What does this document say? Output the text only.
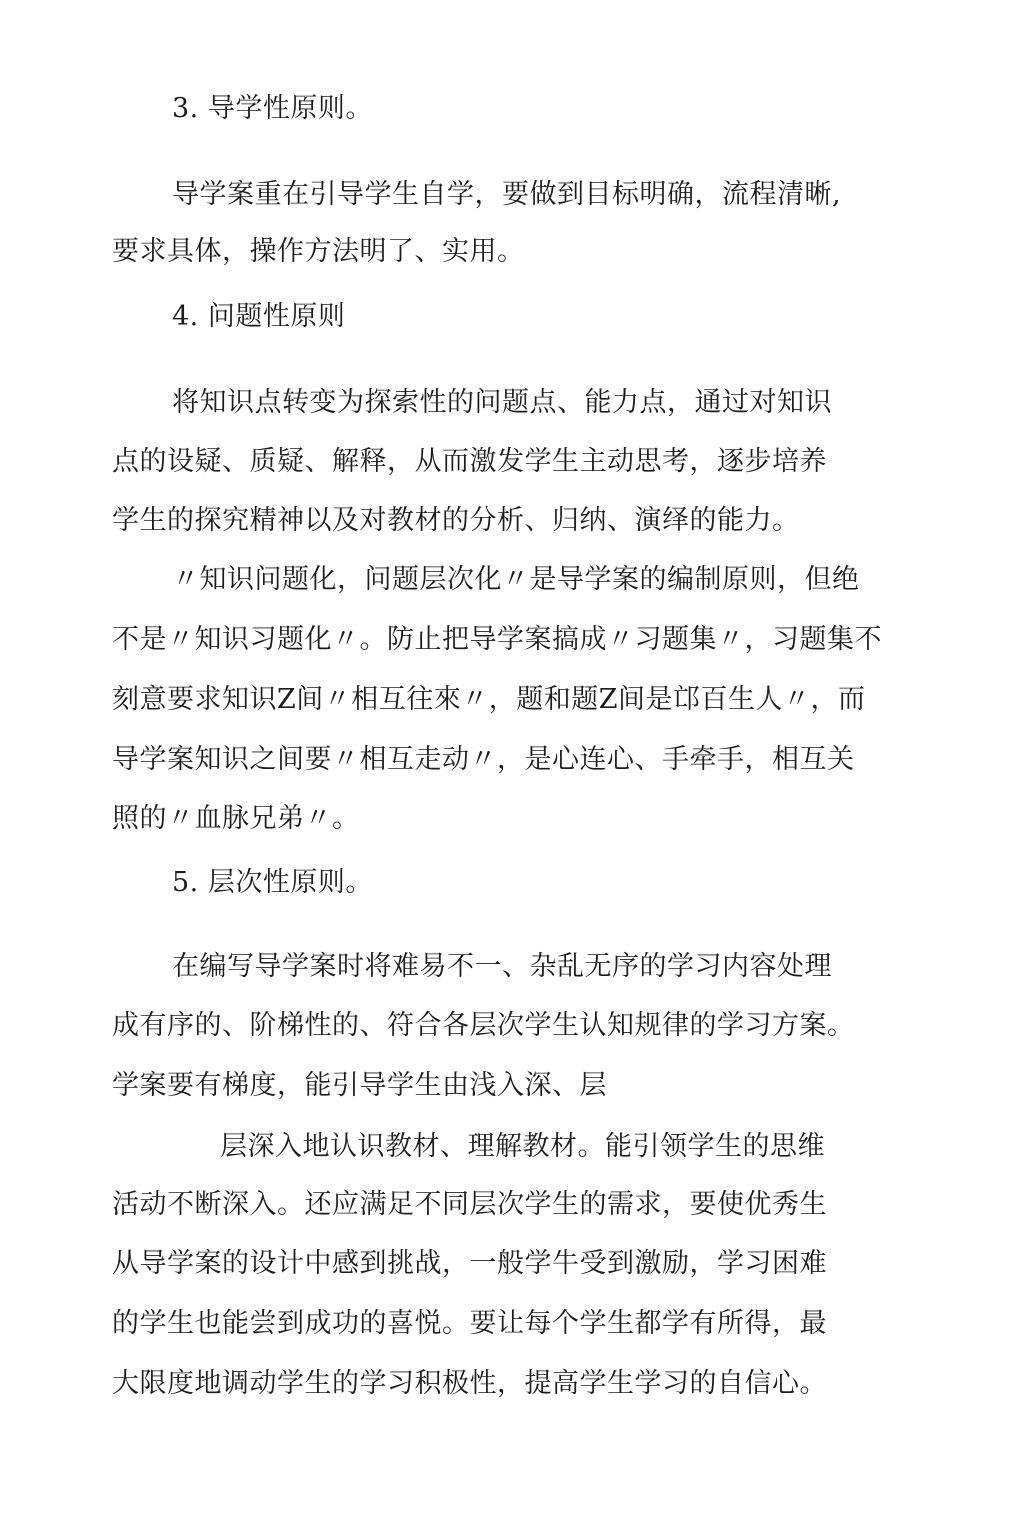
3. 导学性原则。
导学案重在引导学生自学，要做到目标明确，流程清晰,
要求具体，操作方法明了、实用。
4. 问题性原则
将知识点转变为探索性的问题点、能力点，通过对知识
点的设疑、质疑、解释，从而激发学生主动思考，逐步培养
学生的探究精神以及对教材的分析、归纳、演绎的能力。
〃知识问题化，问题层次化〃是导学案的编制原则，但绝
不是〃知识习题化〃。防止把导学案搞成〃习题集〃，习题集不
刻意要求知识Z间〃相互往來〃，题和题Z间是邙百生人〃，而
导学案知识之间要〃相互走动〃，是心连心、手牵手，相互关
照的〃血脉兄弟〃。
5. 层次性原则。
在编写导学案时将难易不一、杂乱无序的学习内容处理
成有序的、阶梯性的、符合各层次学生认知规律的学习方案。
学案要有梯度，能引导学生由浅入深、层
层深入地认识教材、理解教材。能引领学生的思维
活动不断深入。还应满足不同层次学生的需求，要使优秀生
从导学案的设计中感到挑战，一般学牛受到激励，学习困难
的学生也能尝到成功的喜悦。要让每个学生都学有所得，最
大限度地调动学生的学习积极性，提高学生学习的自信心。
